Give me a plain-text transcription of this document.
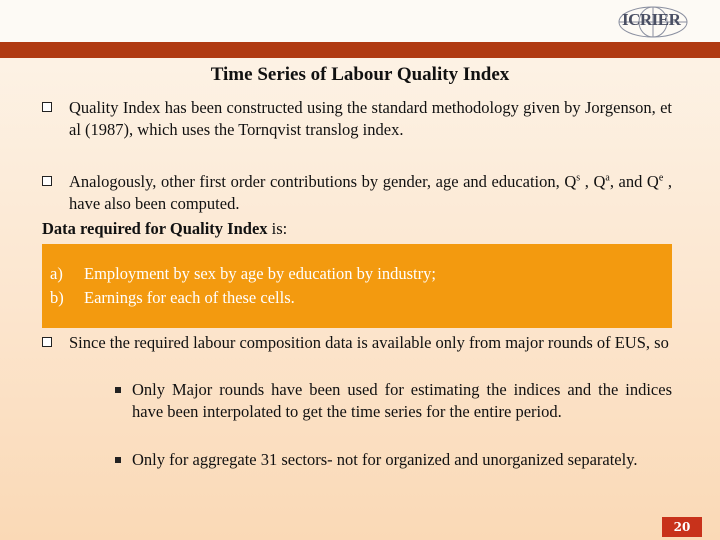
ICRIER
Time Series of Labour Quality Index
Quality Index has been constructed using the standard methodology given by Jorgenson, et al (1987), which uses the Tornqvist translog index.
Analogously, other first order contributions by gender, age and education, $Q^s$ , $Q^a$, and $Q^e$ , have also been computed.
Data required for Quality Index is:
a) Employment by sex by age by education by industry;
b) Earnings for each of these cells.
Since the required labour composition data is available only from major rounds of EUS, so
Only Major rounds have been used for estimating the indices and the indices have been interpolated to get the time series for the entire period.
Only for aggregate 31 sectors- not for organized and unorganized separately.
20
